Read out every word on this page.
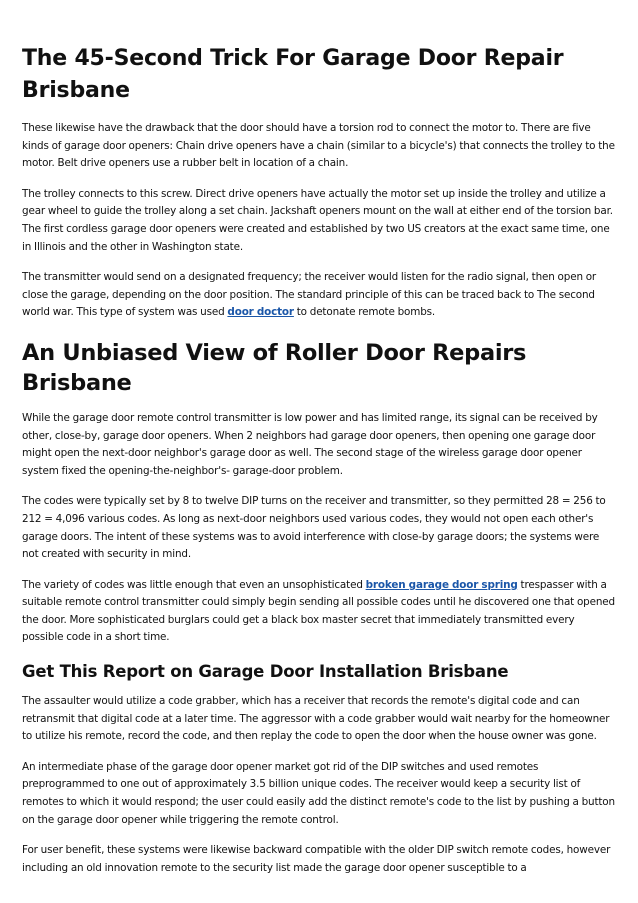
The 45-Second Trick For Garage Door Repair Brisbane

These likewise have the drawback that the door should have a torsion rod to connect the motor to. There are five kinds of garage door openers: Chain drive openers have a chain (similar to a bicycle's) that connects the trolley to the motor. Belt drive openers use a rubber belt in location of a chain.

The trolley connects to this screw. Direct drive openers have actually the motor set up inside the trolley and utilize a gear wheel to guide the trolley along a set chain. Jackshaft openers mount on the wall at either end of the torsion bar. The first cordless garage door openers were created and established by two US creators at the exact same time, one in Illinois and the other in Washington state.

The transmitter would send on a designated frequency; the receiver would listen for the radio signal, then open or close the garage, depending on the door position. The standard principle of this can be traced back to The second world war. This type of system was used door doctor to detonate remote bombs.

An Unbiased View of Roller Door Repairs Brisbane

While the garage door remote control transmitter is low power and has limited range, its signal can be received by other, close-by, garage door openers. When 2 neighbors had garage door openers, then opening one garage door might open the next-door neighbor's garage door as well. The second stage of the wireless garage door opener system fixed the opening-the-neighbor's- garage-door problem.

The codes were typically set by 8 to twelve DIP turns on the receiver and transmitter, so they permitted 28 = 256 to 212 = 4,096 various codes. As long as next-door neighbors used various codes, they would not open each other's garage doors. The intent of these systems was to avoid interference with close-by garage doors; the systems were not created with security in mind.

The variety of codes was little enough that even an unsophisticated broken garage door spring trespasser with a suitable remote control transmitter could simply begin sending all possible codes until he discovered one that opened the door. More sophisticated burglars could get a black box master secret that immediately transmitted every possible code in a short time.

Get This Report on Garage Door Installation Brisbane

The assaulter would utilize a code grabber, which has a receiver that records the remote's digital code and can retransmit that digital code at a later time. The aggressor with a code grabber would wait nearby for the homeowner to utilize his remote, record the code, and then replay the code to open the door when the house owner was gone.

An intermediate phase of the garage door opener market got rid of the DIP switches and used remotes preprogrammed to one out of approximately 3.5 billion unique codes. The receiver would keep a security list of remotes to which it would respond; the user could easily add the distinct remote's code to the list by pushing a button on the garage door opener while triggering the remote control.

For user benefit, these systems were likewise backward compatible with the older DIP switch remote codes, however including an old innovation remote to the security list made the garage door opener susceptible to a
